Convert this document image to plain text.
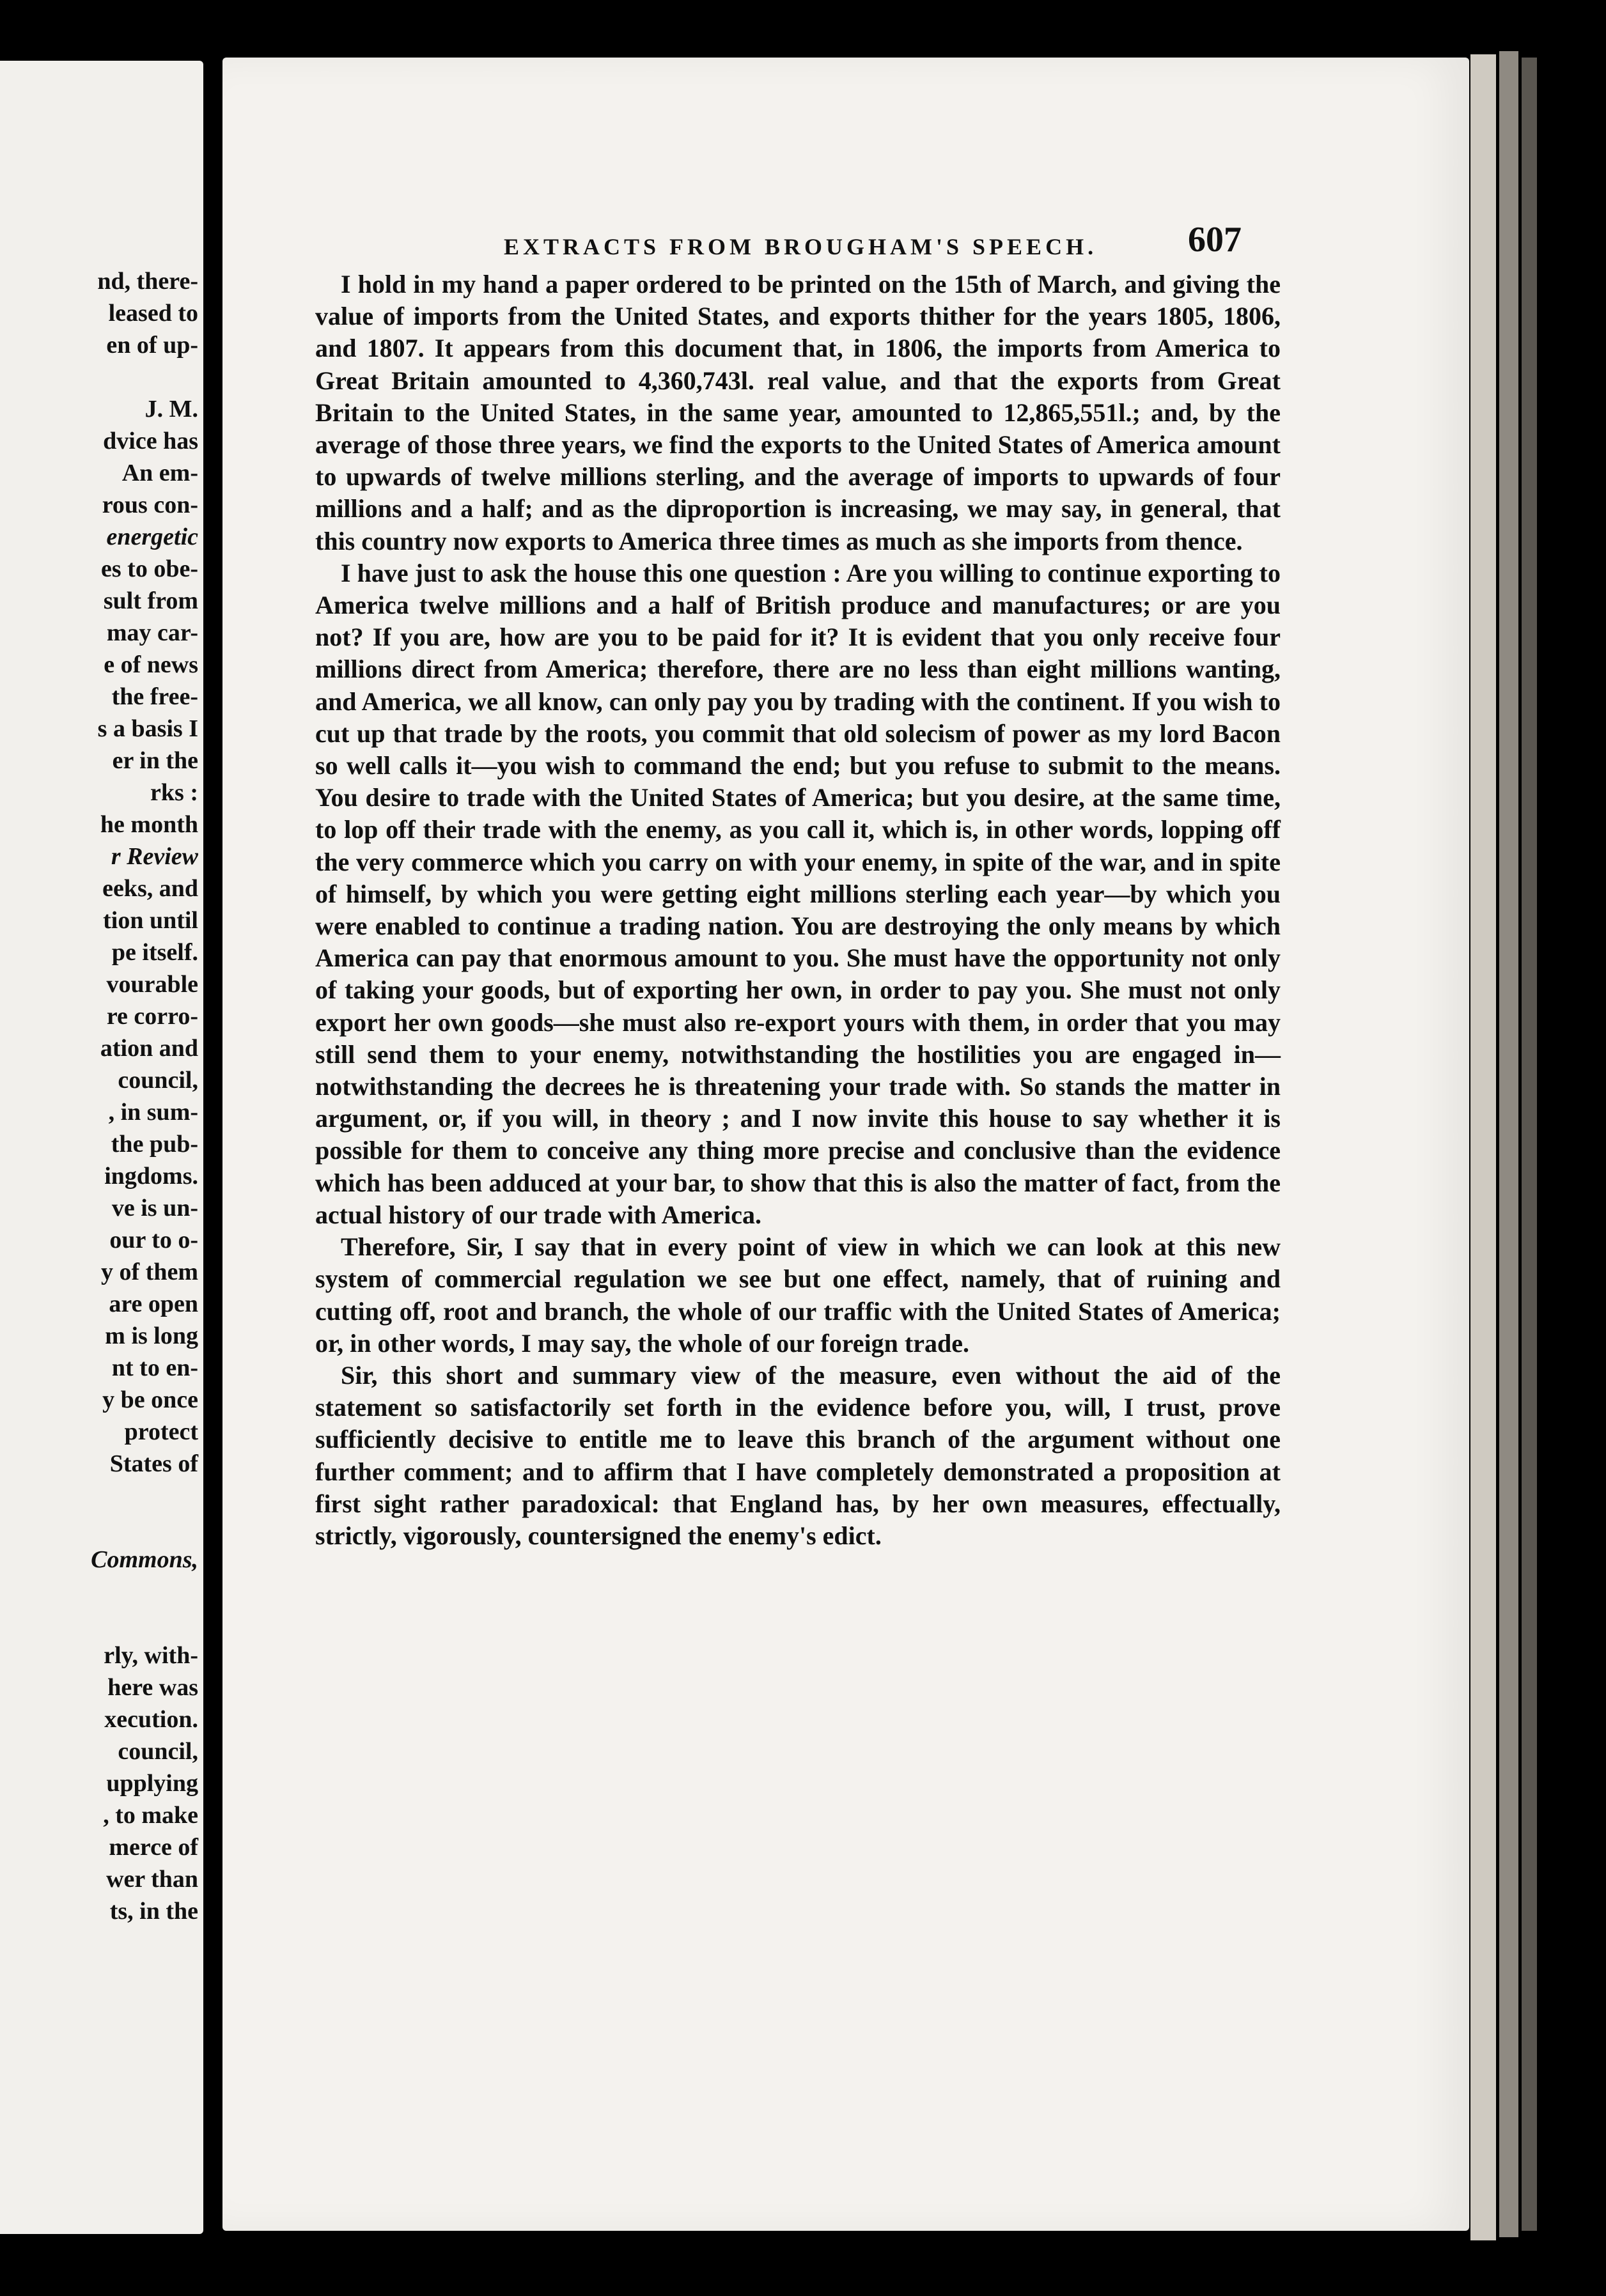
nd, there-
leased to
en of up-
J. M.
dvice has
An em-
rous con-
energetic
es to obe-
sult from
may car-
e of news
the free-
s a basis I
er in the
rks :
he month
r Review
eeks, and
tion until
pe itself.
vourable
re corro-
ation and
council,
, in sum-
the pub-
ingdoms.
ve is un-
our to o-
y of them
are open
m is long
nt to en-
y be once
protect
States of
Commons,
rly, with-
here was
xecution.
council,
upplying
, to make
merce of
wer than
ts, in the
EXTRACTS FROM BROUGHAM'S SPEECH.	607

I hold in my hand a paper ordered to be printed on the 15th of March, and giving the value of imports from the United States, and exports thither for the years 1805, 1806, and 1807. It appears from this document that, in 1806, the imports from America to Great Britain amounted to 4,360,743l. real value, and that the exports from Great Britain to the United States, in the same year, amounted to 12,865,551l.; and, by the average of those three years, we find the exports to the United States of America amount to upwards of twelve millions sterling, and the average of imports to upwards of four millions and a half; and as the diproportion is increasing, we may say, in general, that this country now exports to America three times as much as she imports from thence.

I have just to ask the house this one question : Are you willing to continue exporting to America twelve millions and a half of British produce and manufactures; or are you not? If you are, how are you to be paid for it? It is evident that you only receive four millions direct from America; therefore, there are no less than eight millions wanting, and America, we all know, can only pay you by trading with the continent. If you wish to cut up that trade by the roots, you commit that old solecism of power as my lord Bacon so well calls it—you wish to command the end; but you refuse to submit to the means. You desire to trade with the United States of America; but you desire, at the same time, to lop off their trade with the enemy, as you call it, which is, in other words, lopping off the very commerce which you carry on with your enemy, in spite of the war, and in spite of himself, by which you were getting eight millions sterling each year—by which you were enabled to continue a trading nation. You are destroying the only means by which America can pay that enormous amount to you. She must have the opportunity not only of taking your goods, but of exporting her own, in order to pay you. She must not only export her own goods—she must also re-export yours with them, in order that you may still send them to your enemy, notwithstanding the hostilities you are engaged in—notwithstanding the decrees he is threatening your trade with. So stands the matter in argument, or, if you will, in theory ; and I now invite this house to say whether it is possible for them to conceive any thing more precise and conclusive than the evidence which has been adduced at your bar, to show that this is also the matter of fact, from the actual history of our trade with America.

Therefore, Sir, I say that in every point of view in which we can look at this new system of commercial regulation we see but one effect, namely, that of ruining and cutting off, root and branch, the whole of our traffic with the United States of America; or, in other words, I may say, the whole of our foreign trade.

Sir, this short and summary view of the measure, even without the aid of the statement so satisfactorily set forth in the evidence before you, will, I trust, prove sufficiently decisive to entitle me to leave this branch of the argument without one further comment; and to affirm that I have completely demonstrated a proposition at first sight rather paradoxical: that England has, by her own measures, effectually, strictly, vigorously, countersigned the enemy's edict.
